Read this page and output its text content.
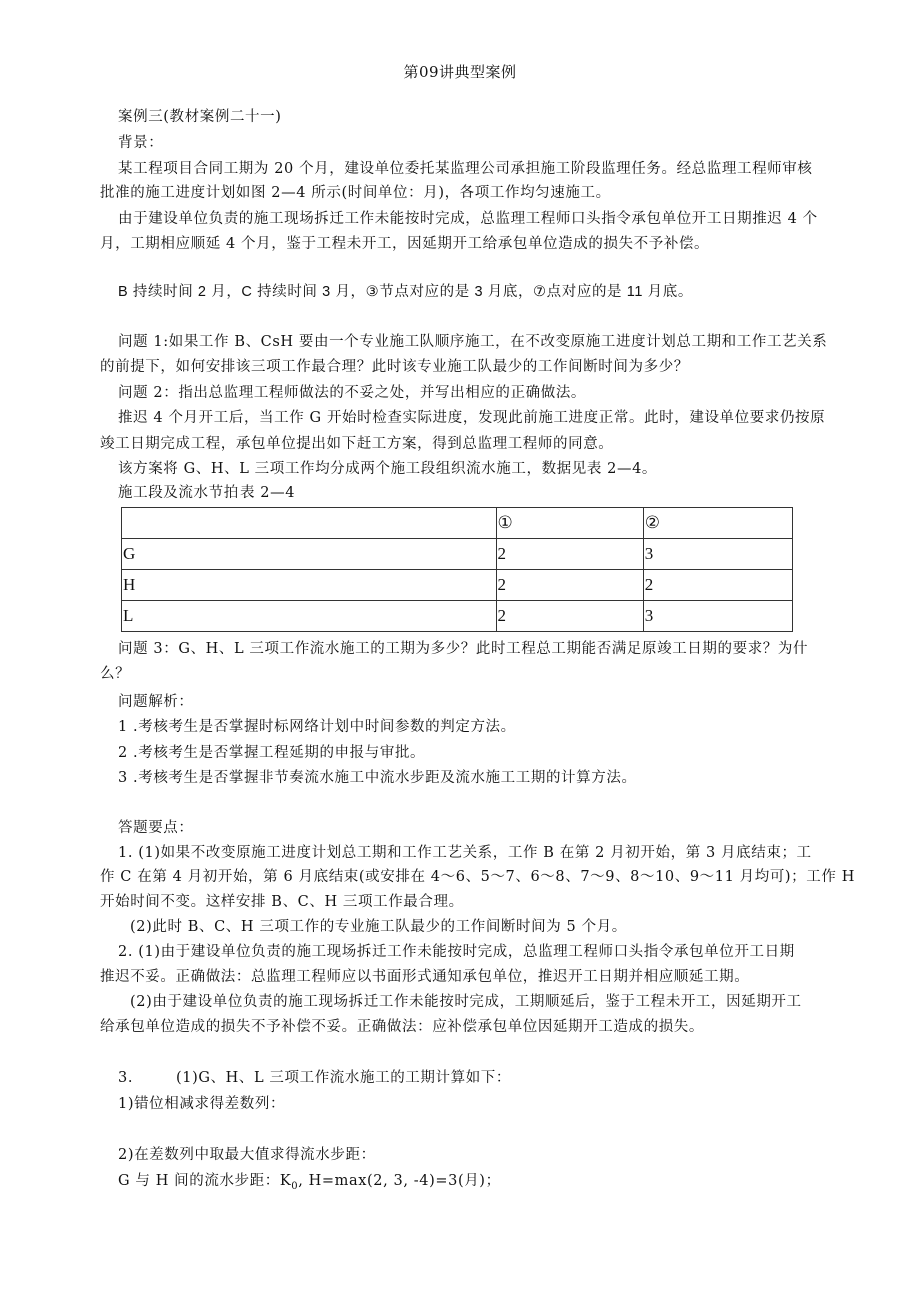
第09讲典型案例
案例三(教材案例二十一)
背景：
某工程项目合同工期为 20 个月，建设单位委托某监理公司承担施工阶段监理任务。经总监理工程师审核
批准的施工进度计划如图 2—4 所示(时间单位：月)，各项工作均匀速施工。
由于建设单位负责的施工现场拆迁工作未能按时完成，总监理工程师口头指令承包单位开工日期推迟 4 个
月，工期相应顺延 4 个月，鉴于工程未开工，因延期开工给承包单位造成的损失不予补偿。
B 持续时间 2 月，C 持续时间 3 月，③节点对应的是 3 月底，⑦点对应的是 11 月底。
问题 1:如果工作 B、CsH 要由一个专业施工队顺序施工，在不改变原施工进度计划总工期和工作工艺关系
的前提下，如何安排该三项工作最合理？此时该专业施工队最少的工作间断时间为多少？
问题 2：指出总监理工程师做法的不妥之处，并写出相应的正确做法。
推迟 4 个月开工后，当工作 G 开始时检查实际进度，发现此前施工进度正常。此时，建设单位要求仍按原
竣工日期完成工程，承包单位提出如下赶工方案，得到总监理工程师的同意。
该方案将 G、H、L 三项工作均分成两个施工段组织流水施工，数据见表 2—4。
施工段及流水节拍 表 2—4
	①	②
G	2	3
H	2	2
L	2	3
问题 3：G、H、L 三项工作流水施工的工期为多少？此时工程总工期能否满足原竣工日期的要求？为什
么？
问题解析：
1 .考核考生是否掌握时标网络计划中时间参数的判定方法。
2 .考核考生是否掌握工程延期的申报与审批。
3 .考核考生是否掌握非节奏流水施工中流水步距及流水施工工期的计算方法。
答题要点：
1. (1)如果不改变原施工进度计划总工期和工作工艺关系，工作 B 在第 2 月初开始，第 3 月底结束；工
作 C 在第 4 月初开始，第 6 月底结束(或安排在 4～6、5～7、6～8、7～9、8～10、9～11 月均可)；工作 H
开始时间不变。这样安排 B、C、H 三项工作最合理。
(2)此时 B、C、H 三项工作的专业施工队最少的工作间断时间为 5 个月。
2. (1)由于建设单位负责的施工现场拆迁工作未能按时完成，总监理工程师口头指令承包单位开工日期
推迟不妥。正确做法：总监理工程师应以书面形式通知承包单位，推迟开工日期并相应顺延工期。
(2)由于建设单位负责的施工现场拆迁工作未能按时完成，工期顺延后，鉴于工程未开工，因延期开工
给承包单位造成的损失不予补偿不妥。正确做法：应补偿承包单位因延期开工造成的损失。
3.	(1)G、H、L 三项工作流水施工的工期计算如下：
1)错位相减求得差数列：
2)在差数列中取最大值求得流水步距：
G 与 H 间的流水步距：$K_0$, H=max(2, 3, -4)=3(月)；
